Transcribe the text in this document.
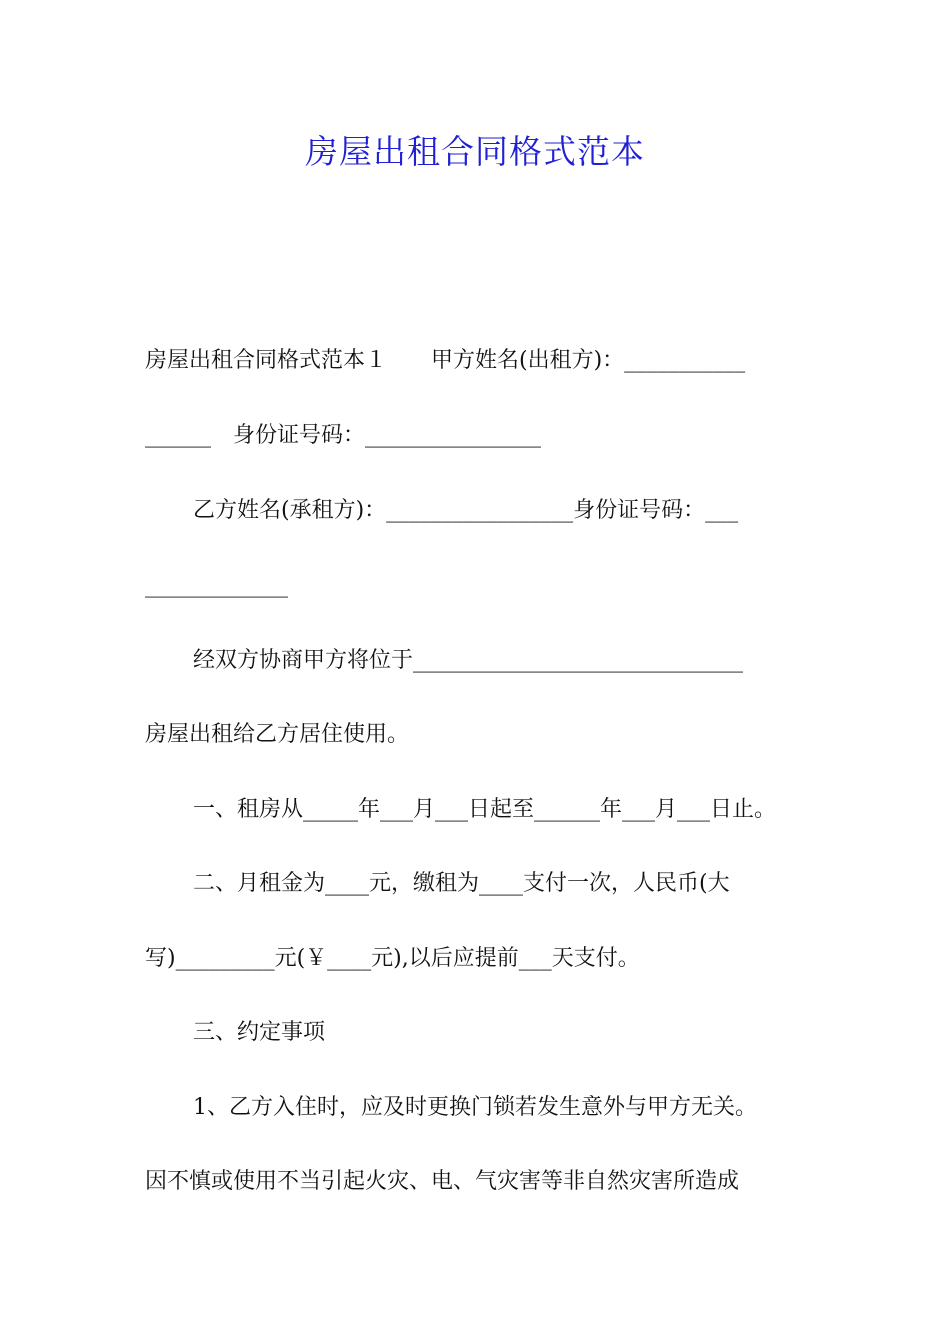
房屋出租合同格式范本
房屋出租合同格式范本１　　甲方姓名(出租方)：___________
______　身份证号码：________________
乙方姓名(承租方)：_________________身份证号码：___
_____________
经双方协商甲方将位于______________________________
房屋出租给乙方居住使用。
一、租房从_____年___月___日起至______年___月___日止。
二、月租金为____元，缴租为____支付一次，人民币(大
写)_________元(￥____元),以后应提前___天支付。
三、约定事项
1、乙方入住时，应及时更换门锁若发生意外与甲方无关。
因不慎或使用不当引起火灾、电、气灾害等非自然灾害所造成
